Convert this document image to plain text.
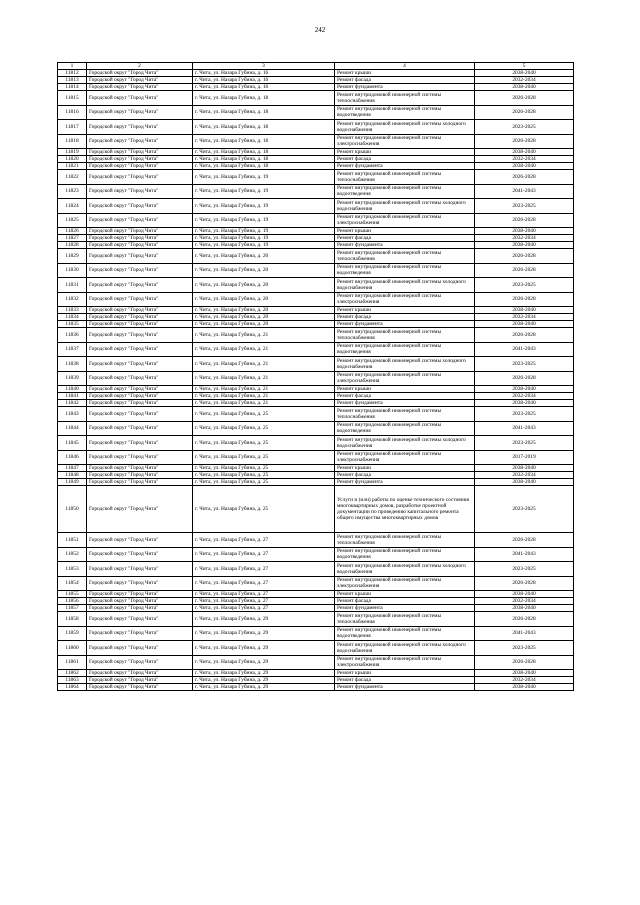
242
1	2	3	4	5
11812	Городской округ "Город Чита"	г. Чита, ул. Назара Губина, д. 16	Ремонт крыши	2038-2040
11813	Городской округ "Город Чита"	г. Чита, ул. Назара Губина, д. 16	Ремонт фасада	2032-2034
11814	Городской округ "Город Чита"	г. Чита, ул. Назара Губина, д. 16	Ремонт фундамента	2038-2040
11815	Городской округ "Город Чита"	г. Чита, ул. Назара Губина, д. 18	Ремонт внутридомовой инженерной системы теплоснабжения	2026-2028
11816	Городской округ "Город Чита"	г. Чита, ул. Назара Губина, д. 18	Ремонт внутридомовой инженерной системы водоотведения	2026-2028
11817	Городской округ "Город Чита"	г. Чита, ул. Назара Губина, д. 18	Ремонт внутридомовой инженерной системы холодного водоснабжения	2023-2025
11818	Городской округ "Город Чита"	г. Чита, ул. Назара Губина, д. 18	Ремонт внутридомовой инженерной системы электроснабжения	2026-2028
11819	Городской округ "Город Чита"	г. Чита, ул. Назара Губина, д. 18	Ремонт крыши	2038-2040
11820	Городской округ "Город Чита"	г. Чита, ул. Назара Губина, д. 18	Ремонт фасада	2032-2034
11821	Городской округ "Город Чита"	г. Чита, ул. Назара Губина, д. 18	Ремонт фундамента	2038-2040
11822	Городской округ "Город Чита"	г. Чита, ул. Назара Губина, д. 19	Ремонт внутридомовой инженерной системы теплоснабжения	2026-2028
11823	Городской округ "Город Чита"	г. Чита, ул. Назара Губина, д. 19	Ремонт внутридомовой инженерной системы водоотведения	2041-2043
11824	Городской округ "Город Чита"	г. Чита, ул. Назара Губина, д. 19	Ремонт внутридомовой инженерной системы холодного водоснабжения	2023-2025
11825	Городской округ "Город Чита"	г. Чита, ул. Назара Губина, д. 19	Ремонт внутридомовой инженерной системы электроснабжения	2026-2028
11826	Городской округ "Город Чита"	г. Чита, ул. Назара Губина, д. 19	Ремонт крыши	2038-2040
11827	Городской округ "Город Чита"	г. Чита, ул. Назара Губина, д. 19	Ремонт фасада	2032-2034
11828	Городской округ "Город Чита"	г. Чита, ул. Назара Губина, д. 19	Ремонт фундамента	2038-2040
11829	Городской округ "Город Чита"	г. Чита, ул. Назара Губина, д. 20	Ремонт внутридомовой инженерной системы теплоснабжения	2026-2028
11830	Городской округ "Город Чита"	г. Чита, ул. Назара Губина, д. 20	Ремонт внутридомовой инженерной системы водоотведения	2026-2028
11831	Городской округ "Город Чита"	г. Чита, ул. Назара Губина, д. 20	Ремонт внутридомовой инженерной системы холодного водоснабжения	2023-2025
11832	Городской округ "Город Чита"	г. Чита, ул. Назара Губина, д. 20	Ремонт внутридомовой инженерной системы электроснабжения	2026-2028
11833	Городской округ "Город Чита"	г. Чита, ул. Назара Губина, д. 20	Ремонт крыши	2038-2040
11834	Городской округ "Город Чита"	г. Чита, ул. Назара Губина, д. 20	Ремонт фасада	2032-2034
11835	Городской округ "Город Чита"	г. Чита, ул. Назара Губина, д. 20	Ремонт фундамента	2038-2040
11836	Городской округ "Город Чита"	г. Чита, ул. Назара Губина, д. 21	Ремонт внутридомовой инженерной системы теплоснабжения	2026-2028
11837	Городской округ "Город Чита"	г. Чита, ул. Назара Губина, д. 21	Ремонт внутридомовой инженерной системы водоотведения	2041-2043
11838	Городской округ "Город Чита"	г. Чита, ул. Назара Губина, д. 21	Ремонт внутридомовой инженерной системы холодного водоснабжения	2023-2025
11839	Городской округ "Город Чита"	г. Чита, ул. Назара Губина, д. 21	Ремонт внутридомовой инженерной системы электроснабжения	2026-2028
11840	Городской округ "Город Чита"	г. Чита, ул. Назара Губина, д. 21	Ремонт крыши	2038-2040
11841	Городской округ "Город Чита"	г. Чита, ул. Назара Губина, д. 21	Ремонт фасада	2032-2034
11842	Городской округ "Город Чита"	г. Чита, ул. Назара Губина, д. 21	Ремонт фундамента	2038-2040
11843	Городской округ "Город Чита"	г. Чита, ул. Назара Губина, д. 25	Ремонт внутридомовой инженерной системы теплоснабжения	2023-2025
11844	Городской округ "Город Чита"	г. Чита, ул. Назара Губина, д. 25	Ремонт внутридомовой инженерной системы водоотведения	2041-2043
11845	Городской округ "Город Чита"	г. Чита, ул. Назара Губина, д. 25	Ремонт внутридомовой инженерной системы холодного водоснабжения	2023-2025
11846	Городской округ "Город Чита"	г. Чита, ул. Назара Губина, д. 25	Ремонт внутридомовой инженерной системы электроснабжения	2017-2019
11847	Городской округ "Город Чита"	г. Чита, ул. Назара Губина, д. 25	Ремонт крыши	2038-2040
11848	Городской округ "Город Чита"	г. Чита, ул. Назара Губина, д. 25	Ремонт фасада	2032-2034
11849	Городской округ "Город Чита"	г. Чита, ул. Назара Губина, д. 25	Ремонт фундамента	2038-2040
11850	Городской округ "Город Чита"	г. Чита, ул. Назара Губина, д. 25	Услуги и (или) работы по оценке технического состояния многоквартирных домов, разработке проектной документации по проведению капитального ремонта общего имущества многоквартирных домов	2023-2025
11851	Городской округ "Город Чита"	г. Чита, ул. Назара Губина, д. 27	Ремонт внутридомовой инженерной системы теплоснабжения	2026-2028
11852	Городской округ "Город Чита"	г. Чита, ул. Назара Губина, д. 27	Ремонт внутридомовой инженерной системы водоотведения	2041-2043
11853	Городской округ "Город Чита"	г. Чита, ул. Назара Губина, д. 27	Ремонт внутридомовой инженерной системы холодного водоснабжения	2023-2025
11854	Городской округ "Город Чита"	г. Чита, ул. Назара Губина, д. 27	Ремонт внутридомовой инженерной системы электроснабжения	2026-2028
11855	Городской округ "Город Чита"	г. Чита, ул. Назара Губина, д. 27	Ремонт крыши	2038-2040
11856	Городской округ "Город Чита"	г. Чита, ул. Назара Губина, д. 27	Ремонт фасада	2032-2034
11857	Городской округ "Город Чита"	г. Чита, ул. Назара Губина, д. 27	Ремонт фундамента	2038-2040
11858	Городской округ "Город Чита"	г. Чита, ул. Назара Губина, д. 29	Ремонт внутридомовой инженерной системы теплоснабжения	2026-2028
11859	Городской округ "Город Чита"	г. Чита, ул. Назара Губина, д. 29	Ремонт внутридомовой инженерной системы водоотведения	2041-2043
11860	Городской округ "Город Чита"	г. Чита, ул. Назара Губина, д. 29	Ремонт внутридомовой инженерной системы холодного водоснабжения	2023-2025
11861	Городской округ "Город Чита"	г. Чита, ул. Назара Губина, д. 29	Ремонт внутридомовой инженерной системы электроснабжения	2026-2028
11862	Городской округ "Город Чита"	г. Чита, ул. Назара Губина, д. 29	Ремонт крыши	2038-2040
11863	Городской округ "Город Чита"	г. Чита, ул. Назара Губина, д. 29	Ремонт фасада	2032-2034
11864	Городской округ "Город Чита"	г. Чита, ул. Назара Губина, д. 29	Ремонт фундамента	2038-2040
